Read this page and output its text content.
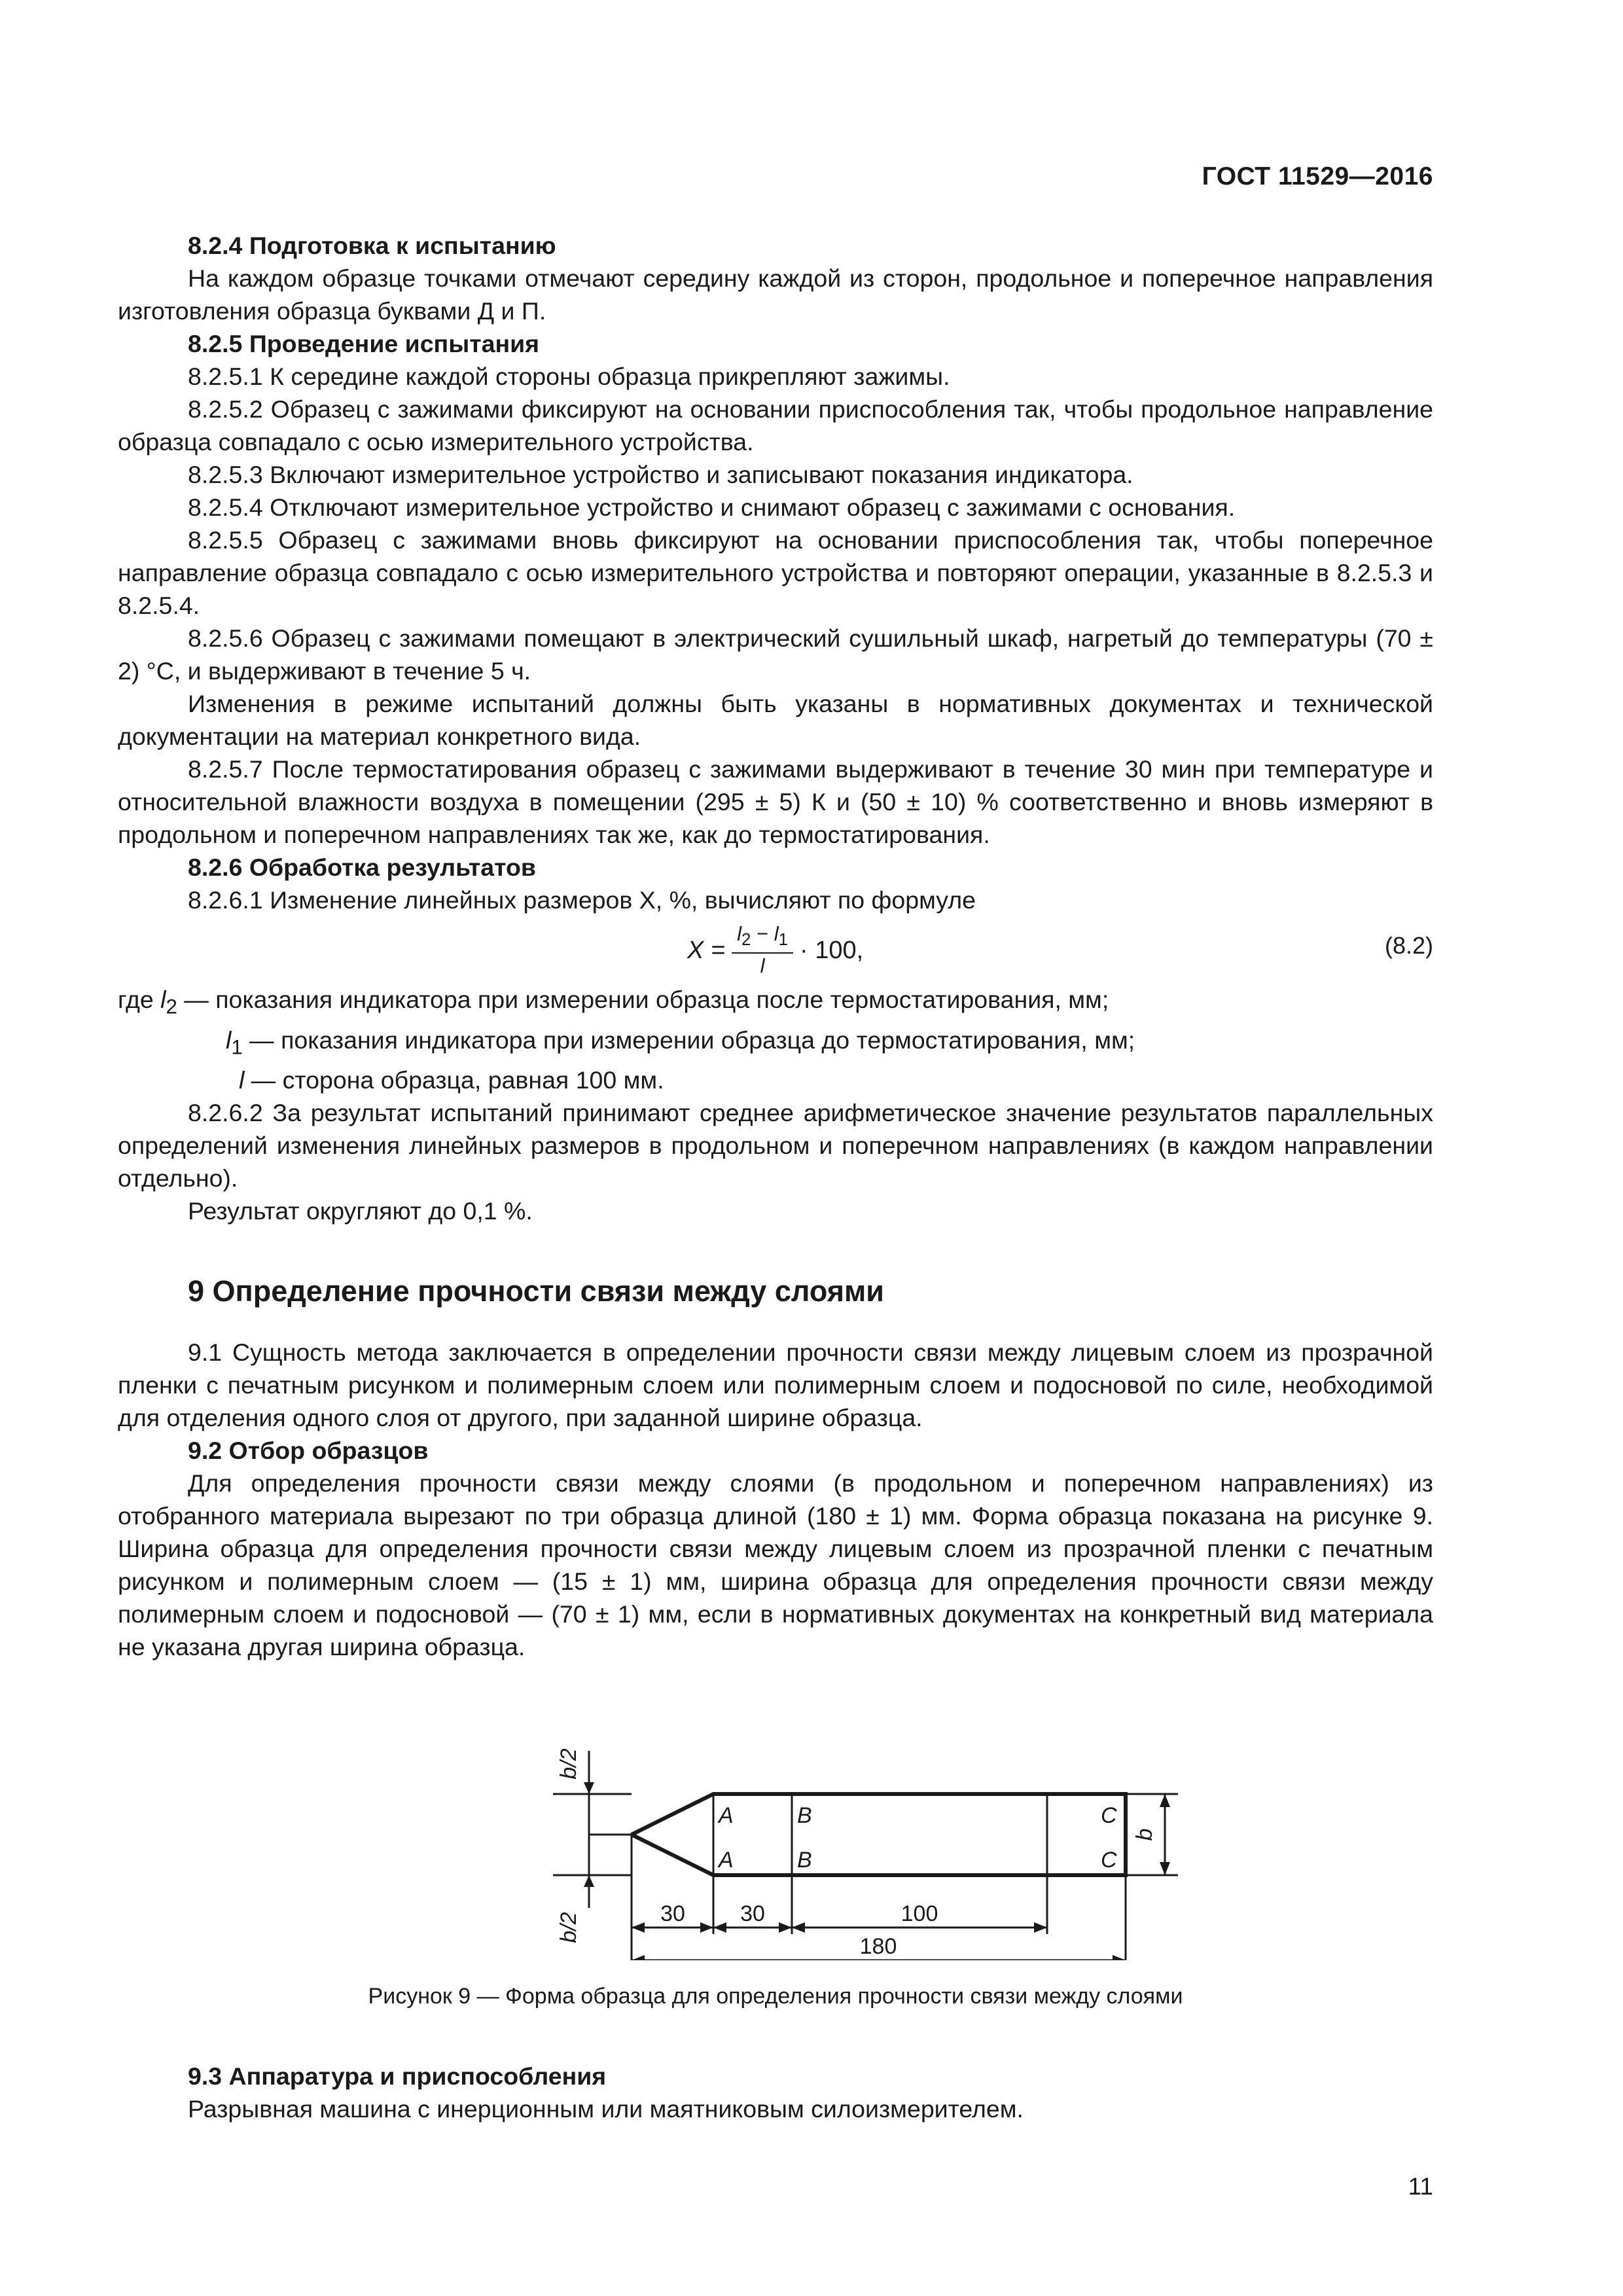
ГОСТ 11529—2016

8.2.4 Подготовка к испытанию

На каждом образце точками отмечают середину каждой из сторон, продольное и поперечное направления изготовления образца буквами Д и П.

8.2.5 Проведение испытания

8.2.5.1 К середине каждой стороны образца прикрепляют зажимы.

8.2.5.2 Образец с зажимами фиксируют на основании приспособления так, чтобы продольное направление образца совпадало с осью измерительного устройства.

8.2.5.3 Включают измерительное устройство и записывают показания индикатора.

8.2.5.4 Отключают измерительное устройство и снимают образец с зажимами с основания.

8.2.5.5 Образец с зажимами вновь фиксируют на основании приспособления так, чтобы поперечное направление образца совпадало с осью измерительного устройства и повторяют операции, указанные в 8.2.5.3 и 8.2.5.4.

8.2.5.6 Образец с зажимами помещают в электрический сушильный шкаф, нагретый до температуры (70 ± 2) °С, и выдерживают в течение 5 ч.

Изменения в режиме испытаний должны быть указаны в нормативных документах и технической документации на материал конкретного вида.

8.2.5.7 После термостатирования образец с зажимами выдерживают в течение 30 мин при температуре и относительной влажности воздуха в помещении (295 ± 5) К и (50 ± 10) % соответственно и вновь измеряют в продольном и поперечном направлениях так же, как до термостатирования.

8.2.6 Обработка результатов

8.2.6.1 Изменение линейных размеров X, %, вычисляют по формуле

$X = \frac{l_2 - l_1}{l} \cdot 100$,	(8.2)

где $l_2$ — показания индикатора при измерении образца после термостатирования, мм;

$l_1$ — показания индикатора при измерении образца до термостатирования, мм;

l — сторона образца, равная 100 мм.

8.2.6.2 За результат испытаний принимают среднее арифметическое значение результатов параллельных определений изменения линейных размеров в продольном и поперечном направлениях (в каждом направлении отдельно).

Результат округляют до 0,1 %.

9 Определение прочности связи между слоями

9.1 Сущность метода заключается в определении прочности связи между лицевым слоем из прозрачной пленки с печатным рисунком и полимерным слоем или полимерным слоем и подосновой по силе, необходимой для отделения одного слоя от другого, при заданной ширине образца.

9.2 Отбор образцов

Для определения прочности связи между слоями (в продольном и поперечном направлениях) из отобранного материала вырезают по три образца длиной (180 ± 1) мм. Форма образца показана на рисунке 9. Ширина образца для определения прочности связи между лицевым слоем из прозрачной пленки с печатным рисунком и полимерным слоем — (15 ± 1) мм, ширина образца для определения прочности связи между полимерным слоем и подосновой — (70 ± 1) мм, если в нормативных документах на конкретный вид материала не указана другая ширина образца.

b/2
b/2
b
A
A
B
B
C
C
30 30	100
180

Рисунок 9 — Форма образца для определения прочности связи между слоями

9.3 Аппаратура и приспособления

Разрывная машина с инерционным или маятниковым силоизмерителем.

11
